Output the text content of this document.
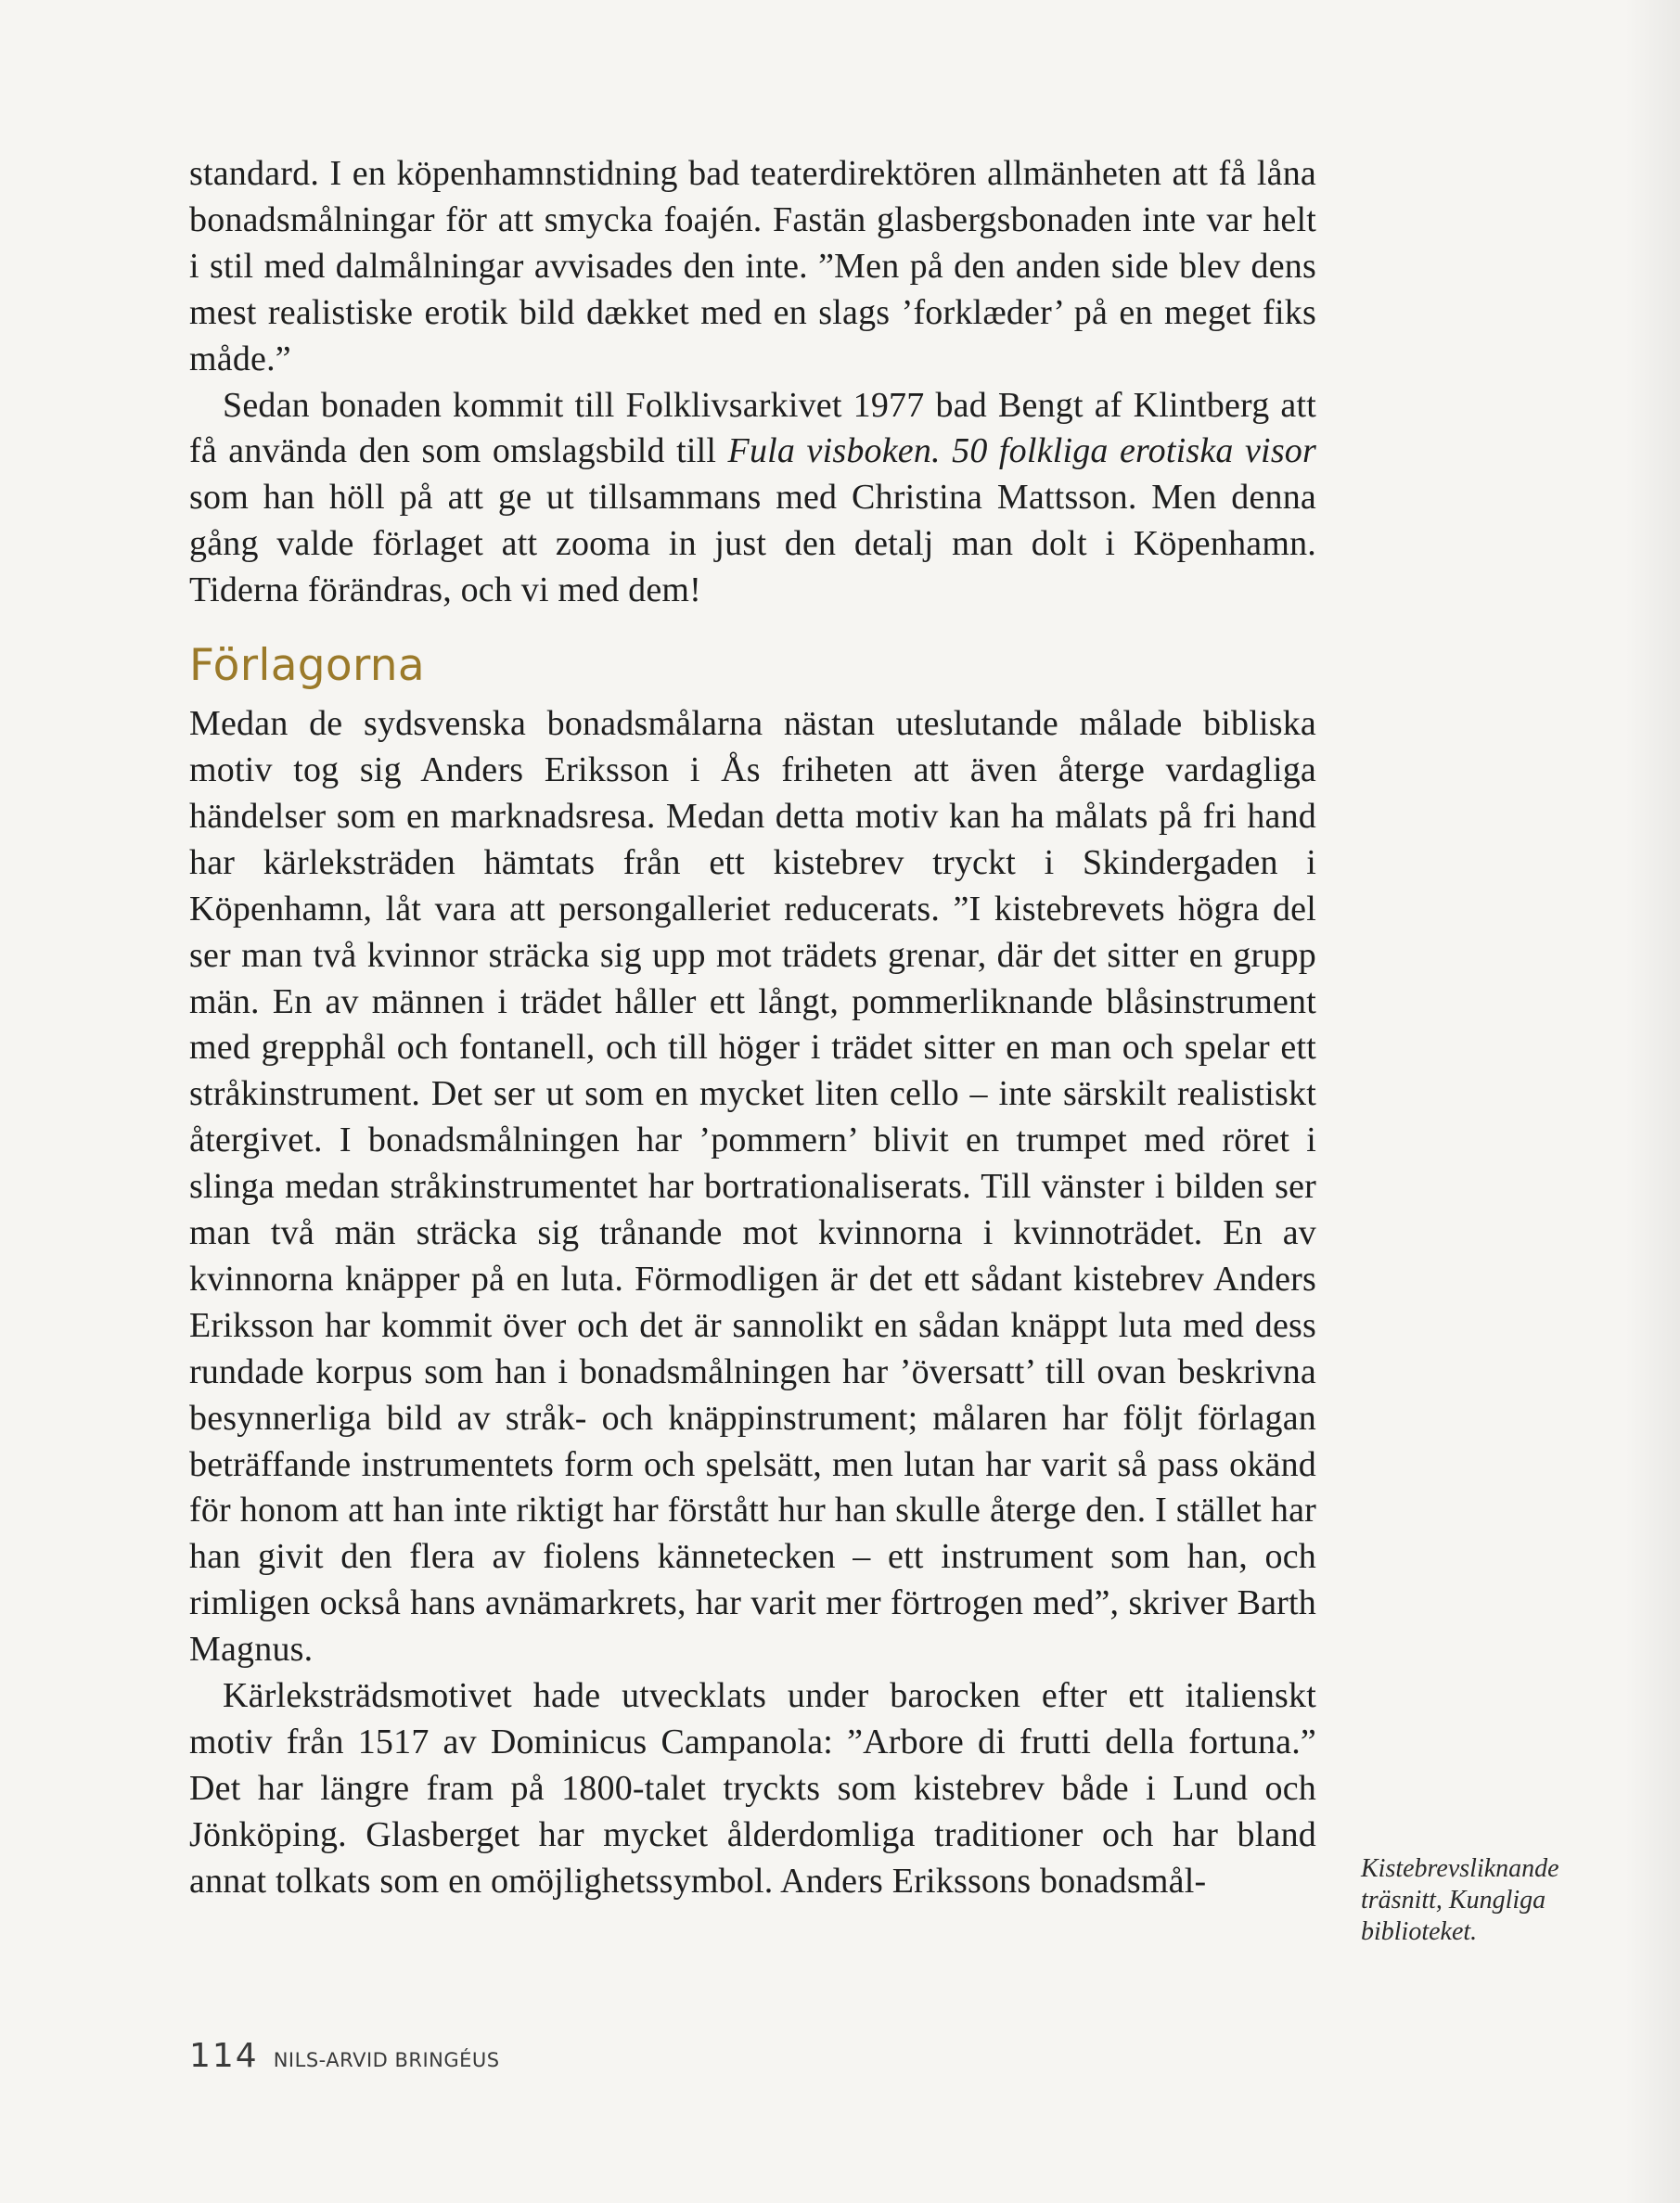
standard. I en köpenhamnstidning bad teaterdirektören allmänheten att få låna bonadsmålningar för att smycka foajén. Fastän glasbergsbonaden inte var helt i stil med dalmålningar avvisades den inte. ”Men på den anden side blev dens mest realistiske erotik bild dækket med en slags ’forklæder’ på en meget fiks måde.”

Sedan bonaden kommit till Folklivsarkivet 1977 bad Bengt af Klintberg att få använda den som omslagsbild till Fula visboken. 50 folkliga erotiska visor som han höll på att ge ut tillsammans med Christina Mattsson. Men denna gång valde förlaget att zooma in just den detalj man dolt i Köpenhamn. Tiderna förändras, och vi med dem!

Förlagorna

Medan de sydsvenska bonadsmålarna nästan uteslutande målade bibliska motiv tog sig Anders Eriksson i Ås friheten att även återge vardagliga händelser som en marknadsresa. Medan detta motiv kan ha målats på fri hand har kärleksträden hämtats från ett kistebrev tryckt i Skindergaden i Köpenhamn, låt vara att persongalleriet reducerats. ”I kistebrevets högra del ser man två kvinnor sträcka sig upp mot trädets grenar, där det sitter en grupp män. En av männen i trädet håller ett långt, pommerliknande blåsinstrument med grepphål och fontanell, och till höger i trädet sitter en man och spelar ett stråkinstrument. Det ser ut som en mycket liten cello – inte särskilt realistiskt återgivet. I bonadsmålningen har ’pommern’ blivit en trumpet med röret i slinga medan stråkinstrumentet har bortrationaliserats. Till vänster i bilden ser man två män sträcka sig trånande mot kvinnorna i kvinnoträdet. En av kvinnorna knäpper på en luta. Förmodligen är det ett sådant kistebrev Anders Eriksson har kommit över och det är sannolikt en sådan knäppt luta med dess rundade korpus som han i bonadsmålningen har ’översatt’ till ovan beskrivna besynnerliga bild av stråk- och knäppinstrument; målaren har följt förlagan beträffande instrumentets form och spelsätt, men lutan har varit så pass okänd för honom att han inte riktigt har förstått hur han skulle återge den. I stället har han givit den flera av fiolens kännetecken – ett instrument som han, och rimligen också hans avnämarkrets, har varit mer förtrogen med”, skriver Barth Magnus.

Kärleksträdsmotivet hade utvecklats under barocken efter ett italienskt motiv från 1517 av Dominicus Campanola: ”Arbore di frutti della fortuna.” Det har längre fram på 1800-talet tryckts som kistebrev både i Lund och Jönköping. Glasberget har mycket ålderdomliga traditioner och har bland annat tolkats som en omöjlighetssymbol. Anders Erikssons bonadsmål-	Kistebrevsliknande träsnitt, Kungliga biblioteket.
114 NILS-ARVID BRINGÉUS
